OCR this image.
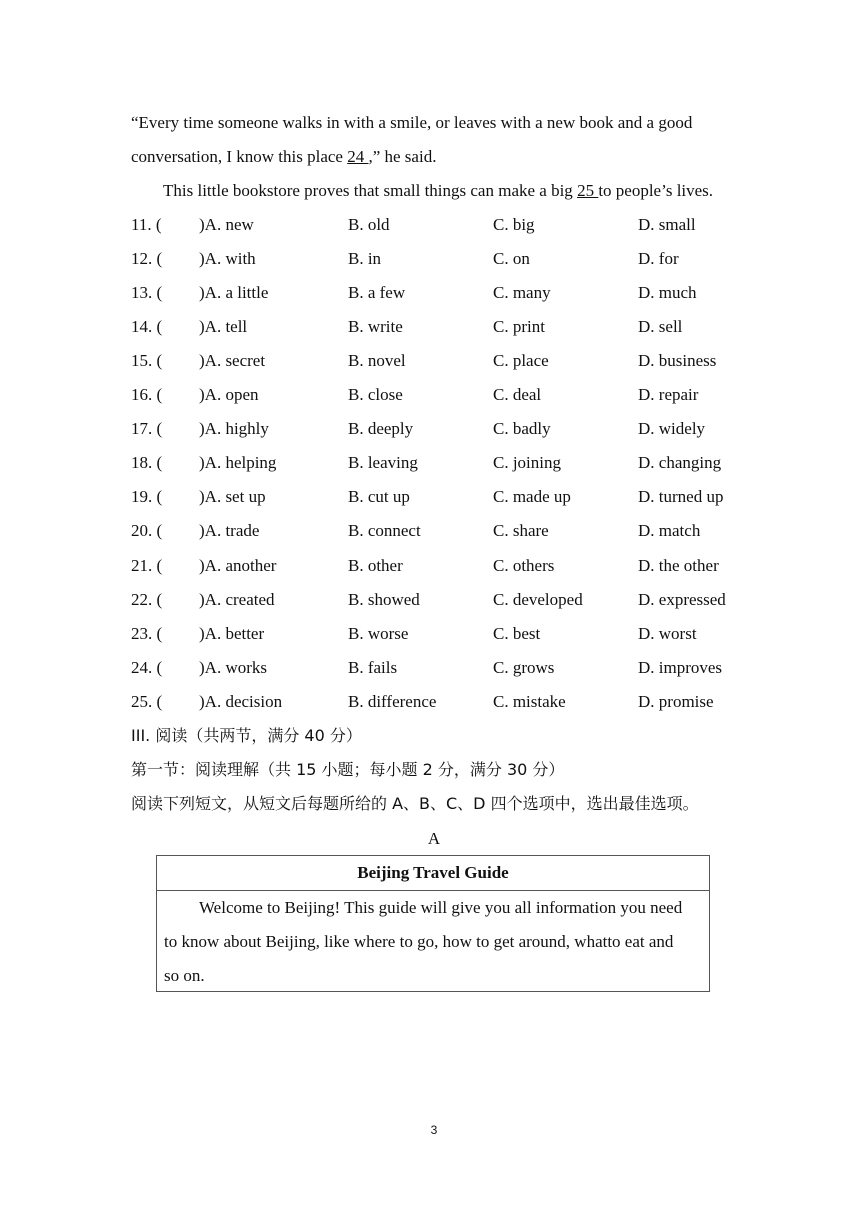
“Every time someone walks in with a smile, or leaves with a new book and a good
conversation, I know this place 24 ,” he said.
This little bookstore proves that small things can make a big 25 to people’s lives.
11. ( )A. new	B. old	C. big	D. small
12. ( )A. with	B. in	C. on	D. for
13. ( )A. a little	B. a few	C. many	D. much
14. ( )A. tell	B. write	C. print	D. sell
15. ( )A. secret	B. novel	C. place	D. business
16. ( )A. open	B. close	C. deal	D. repair
17. ( )A. highly	B. deeply	C. badly	D. widely
18. ( )A. helping	B. leaving	C. joining	D. changing
19. ( )A. set up	B. cut up	C. made up	D. turned up
20. ( )A. trade	B. connect	C. share	D. match
21. ( )A. another	B. other	C. others	D. the other
22. ( )A. created	B. showed	C. developed	D. expressed
23. ( )A. better	B. worse	C. best	D. worst
24. ( )A. works	B. fails	C. grows	D. improves
25. ( )A. decision	B. difference	C. mistake	D. promise
III. 阅读（共两节，满分 40 分）
第一节：阅读理解（共 15 小题；每小题 2 分，满分 30 分）
阅读下列短文，从短文后每题所给的 A、B、C、D 四个选项中，选出最佳选项。
A
Beijing Travel Guide
Welcome to Beijing! This guide will give you all information you need
to know about Beijing, like where to go, how to get around, whatto eat and
so on.
3
